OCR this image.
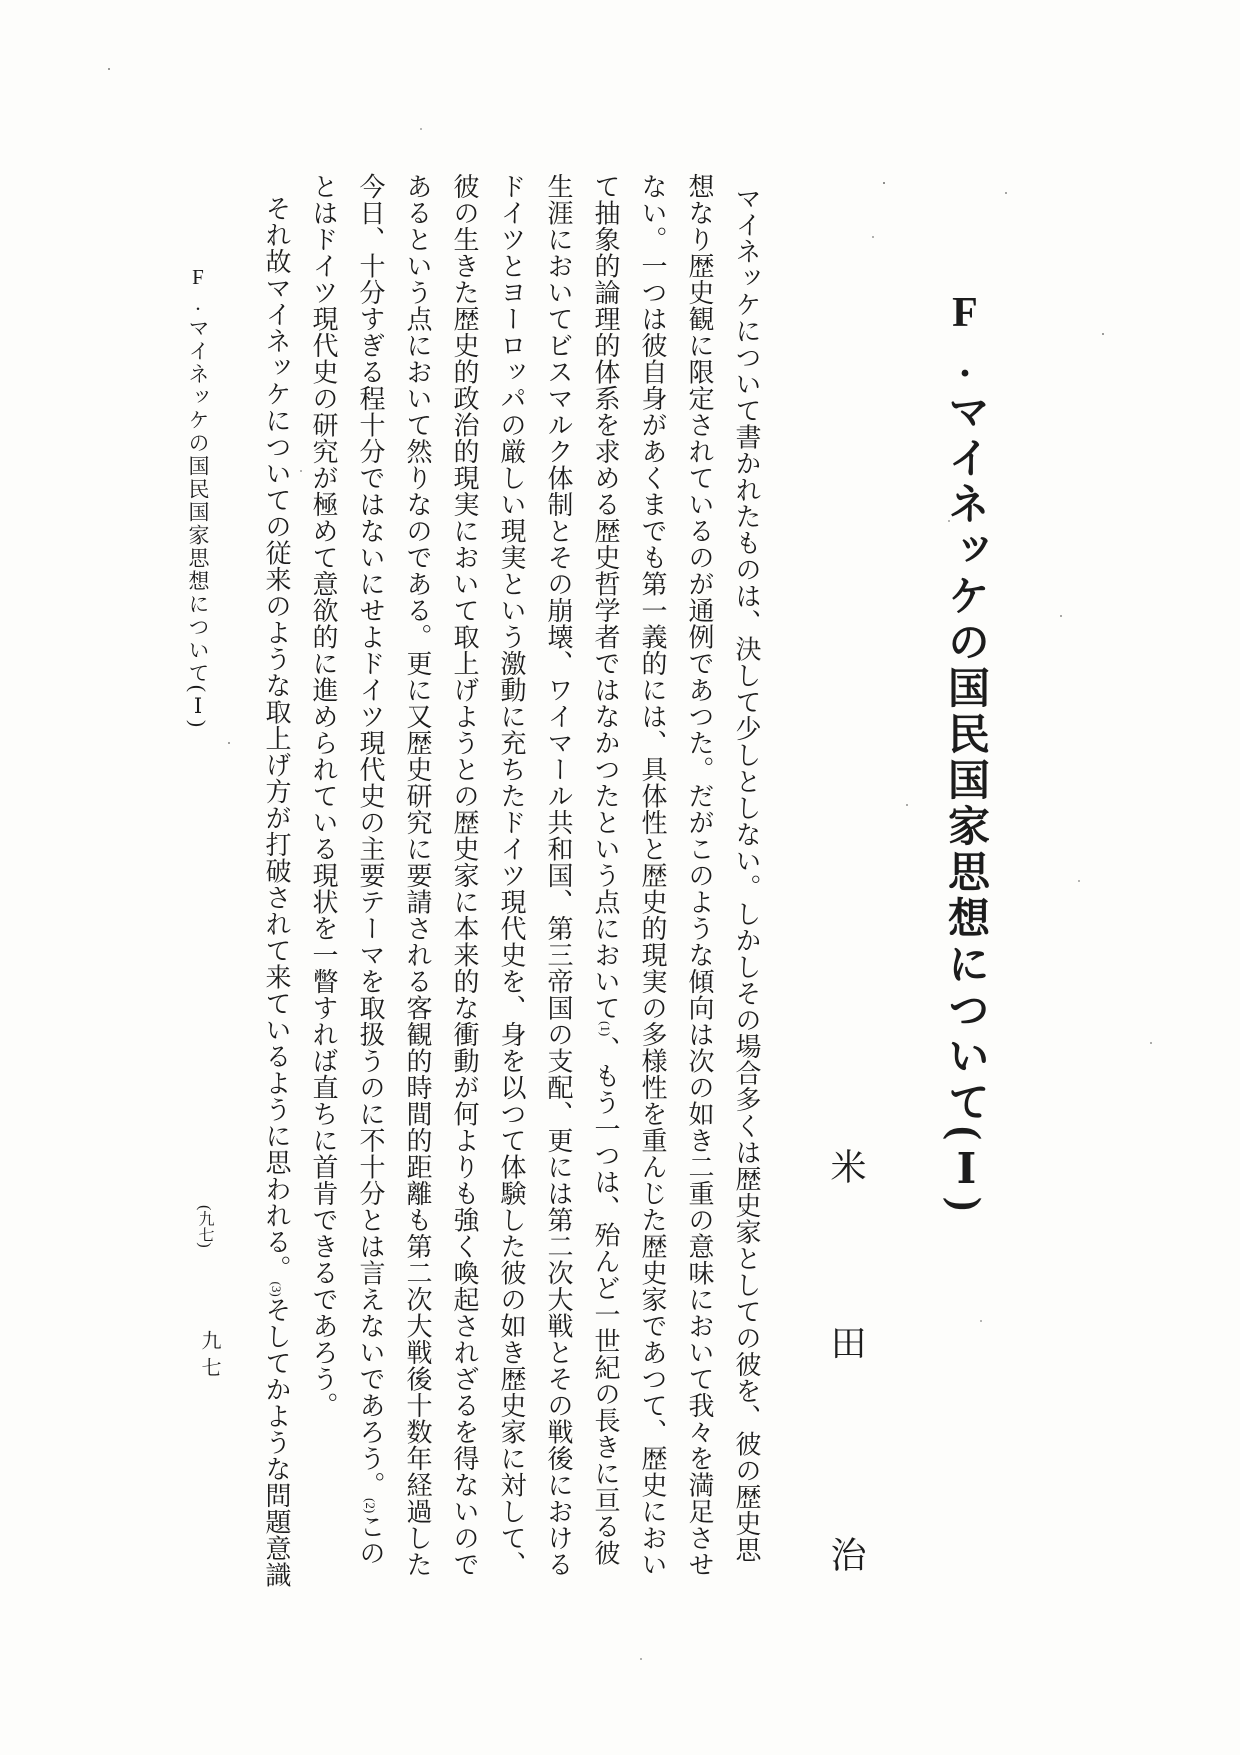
F.マイネッケの国民国家思想について(Ⅰ)
米 田 治
マイネッケについて書かれたものは、決して少しとしない。しかしその場合多くは歴史家としての彼を、彼の歴史思
想なり歴史観に限定されているのが通例であつた。だがこのような傾向は次の如き二重の意味において我々を満足させ
ない。一つは彼自身があくまでも第一義的には、具体性と歴史的現実の多様性を重んじた歴史家であつて、歴史におい
て抽象的論理的体系を求める歴史哲学者ではなかつたという点において(1)、もう一つは、殆んど一世紀の長きに亘る彼
生涯においてビスマルク体制とその崩壊、ワイマール共和国、第三帝国の支配、更には第二次大戦とその戦後における
ドイツとヨーロッパの厳しい現実という激動に充ちたドイツ現代史を、身を以つて体験した彼の如き歴史家に対して、
彼の生きた歴史的政治的現実において取上げようとの歴史家に本来的な衝動が何よりも強く喚起されざるを得ないので
あるという点において然りなのである。更に又歴史研究に要請される客観的時間的距離も第二次大戦後十数年経過した
今日、十分すぎる程十分ではないにせよドイツ現代史の主要テーマを取扱うのに不十分とは言えないであろう。(2)この
とはドイツ現代史の研究が極めて意欲的に進められている現状を一瞥すれば直ちに首肯できるであろう。
それ故マイネッケについての従来のような取上げ方が打破されて来ているように思われる。(3)そしてかような問題意識
F.マイネッケの国民国家思想について(Ⅰ)
(九七)
九七
